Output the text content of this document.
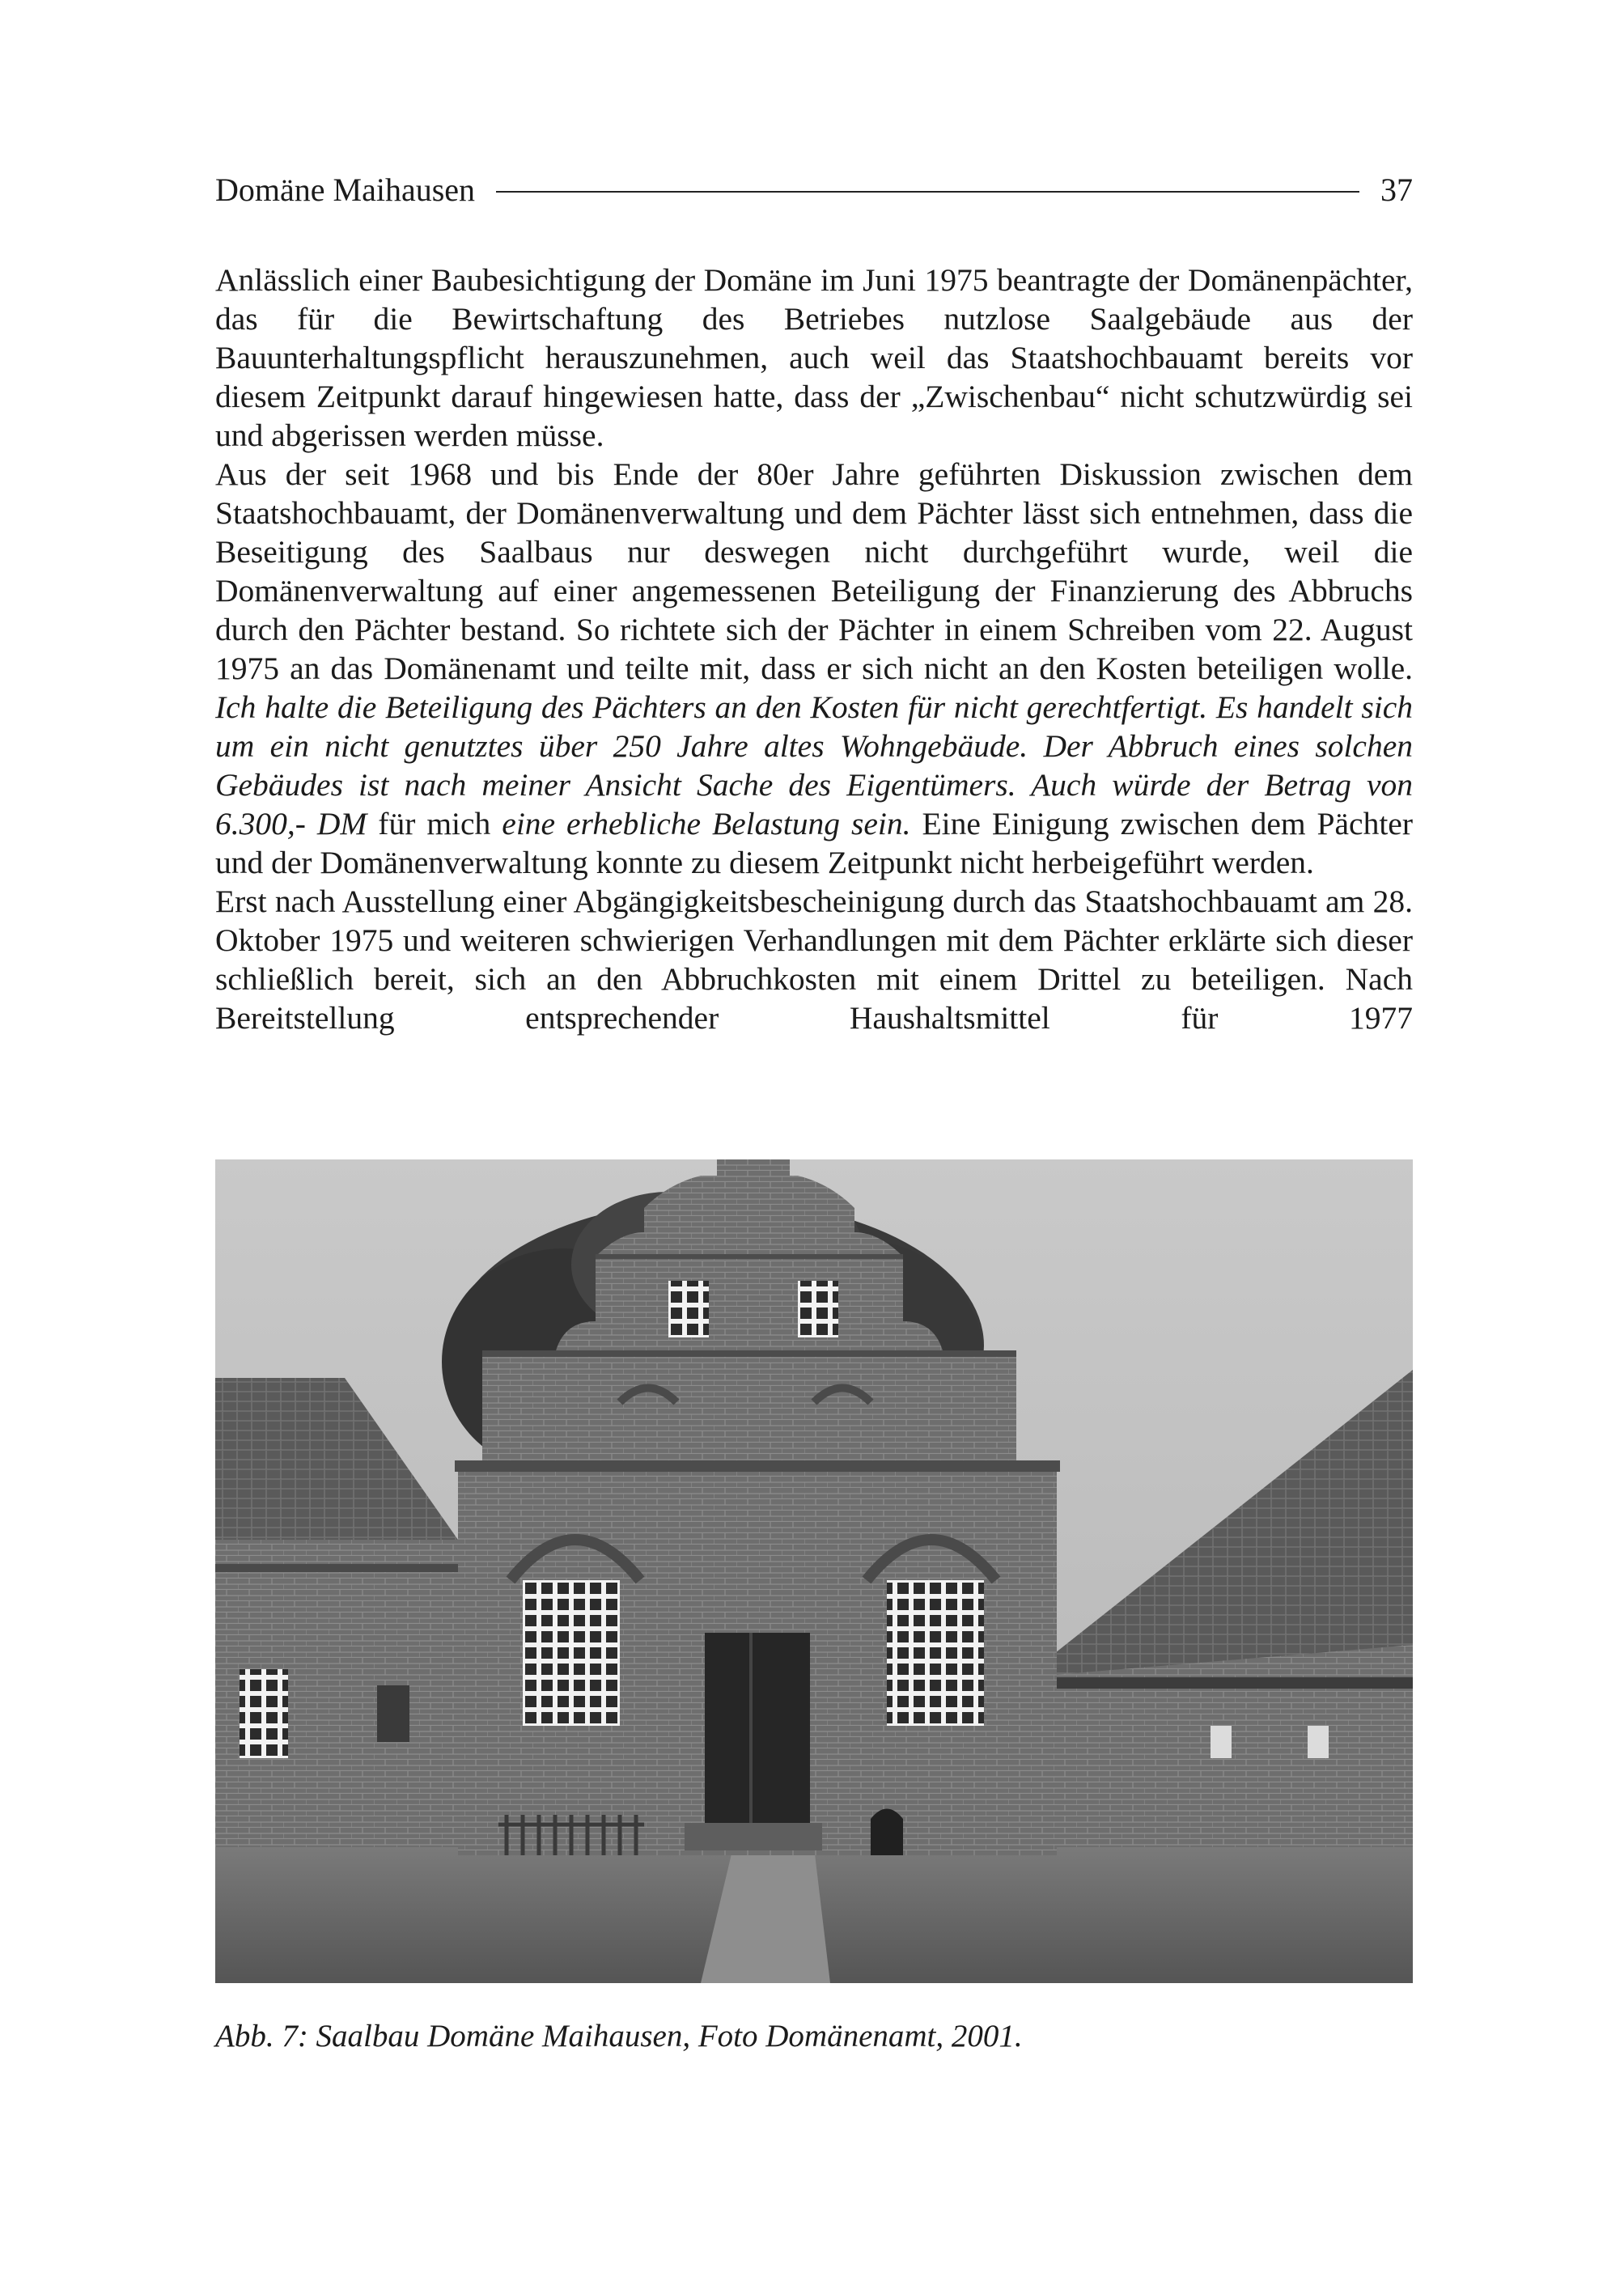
Domäne Maihausen	37

Anlässlich einer Baubesichtigung der Domäne im Juni 1975 beantragte der Domänenpächter, das für die Bewirtschaftung des Betriebes nutzlose Saalgebäude aus der Bauunterhaltungspflicht herauszunehmen, auch weil das Staatshochbauamt bereits vor diesem Zeitpunkt darauf hingewiesen hatte, dass der „Zwischenbau“ nicht schutzwürdig sei und abgerissen werden müsse.

Aus der seit 1968 und bis Ende der 80er Jahre geführten Diskussion zwischen dem Staatshochbauamt, der Domänenverwaltung und dem Pächter lässt sich entnehmen, dass die Beseitigung des Saalbaus nur deswegen nicht durchgeführt wurde, weil die Domänenverwaltung auf einer angemessenen Beteiligung der Finanzierung des Abbruchs durch den Pächter bestand. So richtete sich der Pächter in einem Schreiben vom 22. August 1975 an das Domänenamt und teilte mit, dass er sich nicht an den Kosten beteiligen wolle. Ich halte die Beteiligung des Pächters an den Kosten für nicht gerechtfertigt. Es handelt sich um ein nicht genutztes über 250 Jahre altes Wohngebäude. Der Abbruch eines solchen Gebäudes ist nach meiner Ansicht Sache des Eigentümers. Auch würde der Betrag von 6.300,- DM für mich eine erhebliche Belastung sein. Eine Einigung zwischen dem Pächter und der Domänenverwaltung konnte zu diesem Zeitpunkt nicht herbeigeführt werden.

Erst nach Ausstellung einer Abgängigkeitsbescheinigung durch das Staatshochbauamt am 28. Oktober 1975 und weiteren schwierigen Verhandlungen mit dem Pächter erklärte sich dieser schließlich bereit, sich an den Abbruchkosten mit einem Drittel zu beteiligen. Nach Bereitstellung entsprechender Haushaltsmittel für 1977

Abb. 7: Saalbau Domäne Maihausen, Foto Domänenamt, 2001.
